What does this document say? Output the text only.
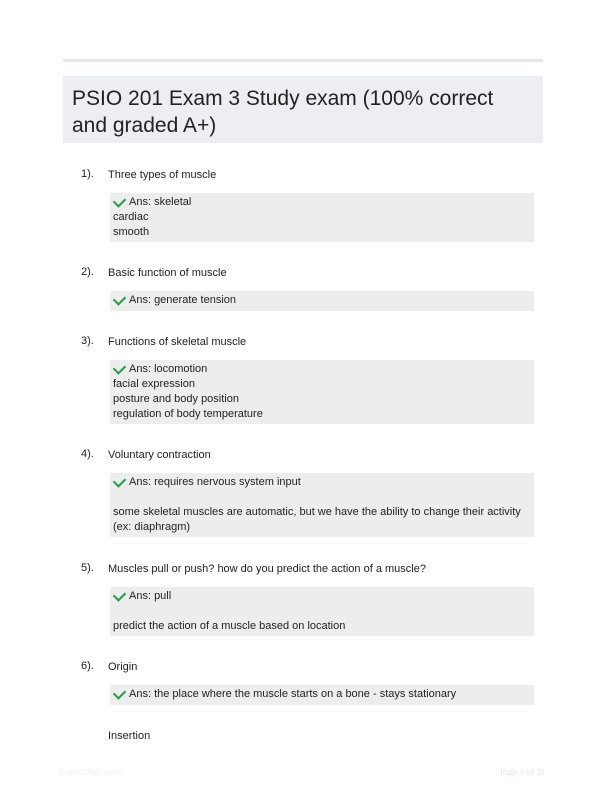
PSIO 201 Exam 3 Study exam (100% correct and graded A+)
1). Three types of muscle
Ans: skeletal
cardiac
smooth
2). Basic function of muscle
Ans: generate tension
3). Functions of skeletal muscle
Ans: locomotion
facial expression
posture and body position
regulation of body temperature
4). Voluntary contraction
Ans: requires nervous system input
some skeletal muscles are automatic, but we have the ability to change their activity (ex: diaphragm)
5). Muscles pull or push? how do you predict the action of a muscle?
Ans: pull
predict the action of a muscle based on location
6). Origin
Ans: the place where the muscle starts on a bone - stays stationary
Insertion
PaperStoic.com	Page 1 of 21
